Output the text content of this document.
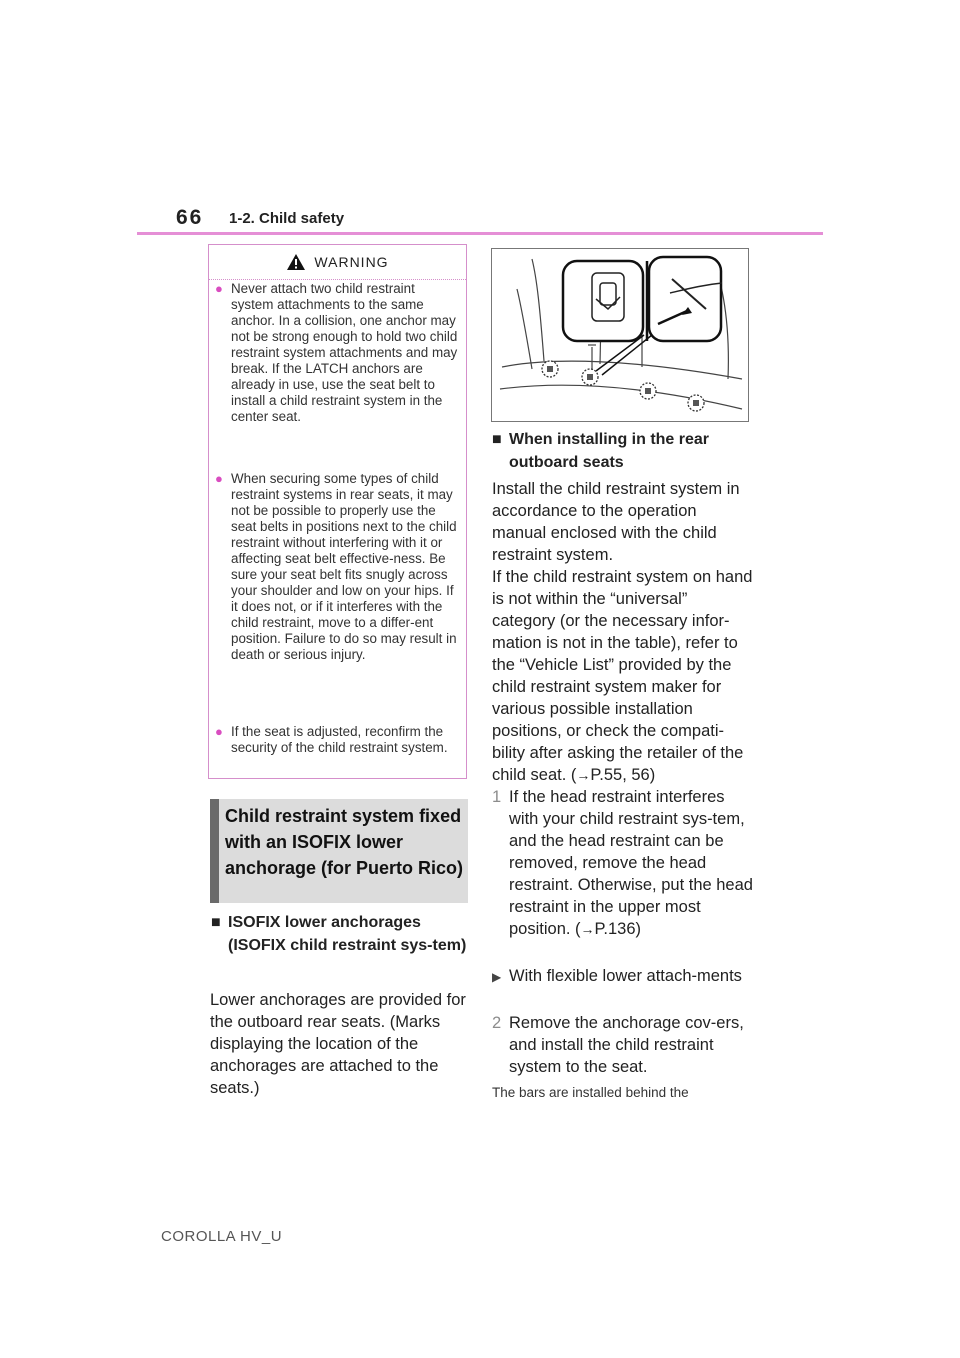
66 1-2. Child safety
WARNING
● Never attach two child restraint system attachments to the same anchor. In a collision, one anchor may not be strong enough to hold two child restraint system attachments and may break. If the LATCH anchors are already in use, use the seat belt to install a child restraint system in the center seat.
● When securing some types of child restraint systems in rear seats, it may not be possible to properly use the seat belts in positions next to the child restraint without interfering with it or affecting seat belt effective-ness. Be sure your seat belt fits snugly across your shoulder and low on your hips. If it does not, or if it interferes with the child restraint, move to a differ-ent position. Failure to do so may result in death or serious injury.
● If the seat is adjusted, reconfirm the security of the child restraint system.
Child restraint system fixed with an ISOFIX lower anchorage (for Puerto Rico)
■ ISOFIX lower anchorages (ISOFIX child restraint sys-tem)
Lower anchorages are provided for the outboard rear seats. (Marks displaying the location of the anchorages are attached to the seats.)
■ When installing in the rear outboard seats
Install the child restraint system in accordance to the operation manual enclosed with the child restraint system.
If the child restraint system on hand is not within the “universal” category (or the necessary infor-mation is not in the table), refer to the “Vehicle List” provided by the child restraint system maker for various possible installation positions, or check the compati-bility after asking the retailer of the child seat. (→P.55, 56)
1 If the head restraint interferes with your child restraint sys-tem, and the head restraint can be removed, remove the head restraint. Otherwise, put the head restraint in the upper most position. (→P.136)
▶ With flexible lower attach-ments
2 Remove the anchorage cov-ers, and install the child restraint system to the seat.
The bars are installed behind the
COROLLA HV_U
